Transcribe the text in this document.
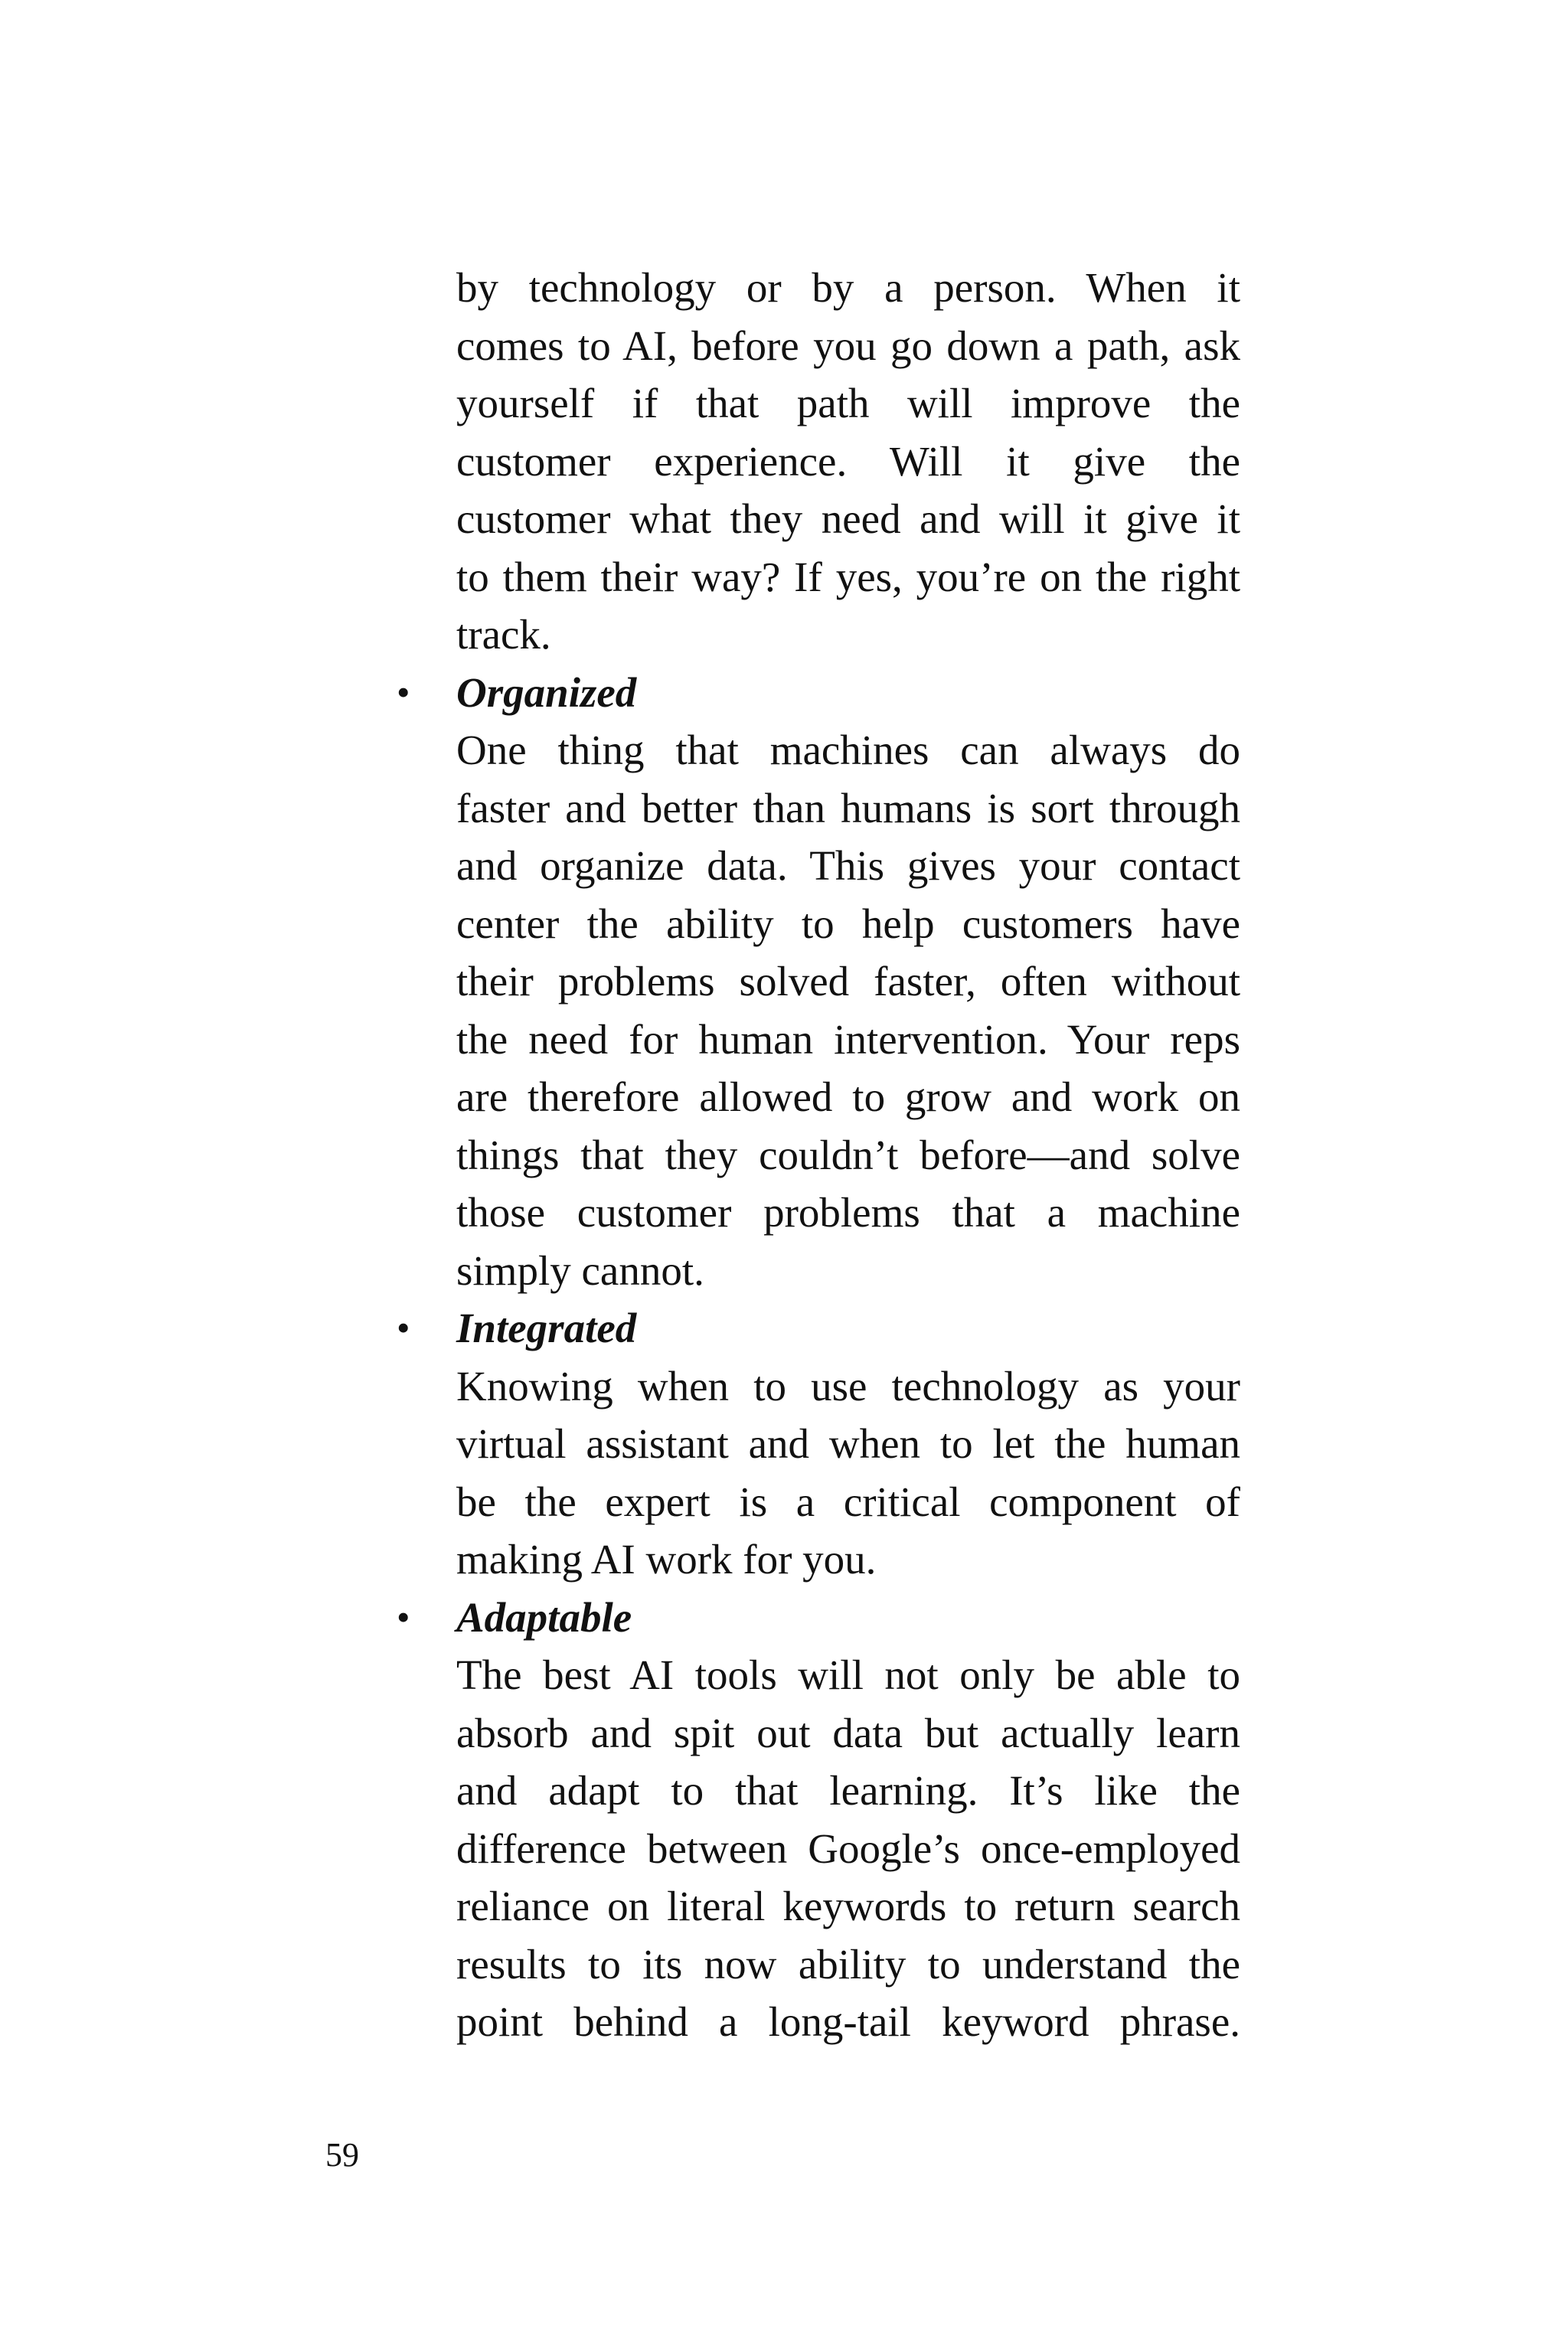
by technology or by a person. When it
comes to AI, before you go down a path, ask
yourself if that path will improve the
customer experience. Will it give the
customer what they need and will it give it
to them their way? If yes, you’re on the right
track.
• Organized
One thing that machines can always do
faster and better than humans is sort through
and organize data. This gives your contact
center the ability to help customers have
their problems solved faster, often without
the need for human intervention. Your reps
are therefore allowed to grow and work on
things that they couldn’t before—and solve
those customer problems that a machine
simply cannot.
• Integrated
Knowing when to use technology as your
virtual assistant and when to let the human
be the expert is a critical component of
making AI work for you.
• Adaptable
The best AI tools will not only be able to
absorb and spit out data but actually learn
and adapt to that learning. It’s like the
difference between Google’s once-employed
reliance on literal keywords to return search
results to its now ability to understand the
point behind a long-tail keyword phrase.
59
